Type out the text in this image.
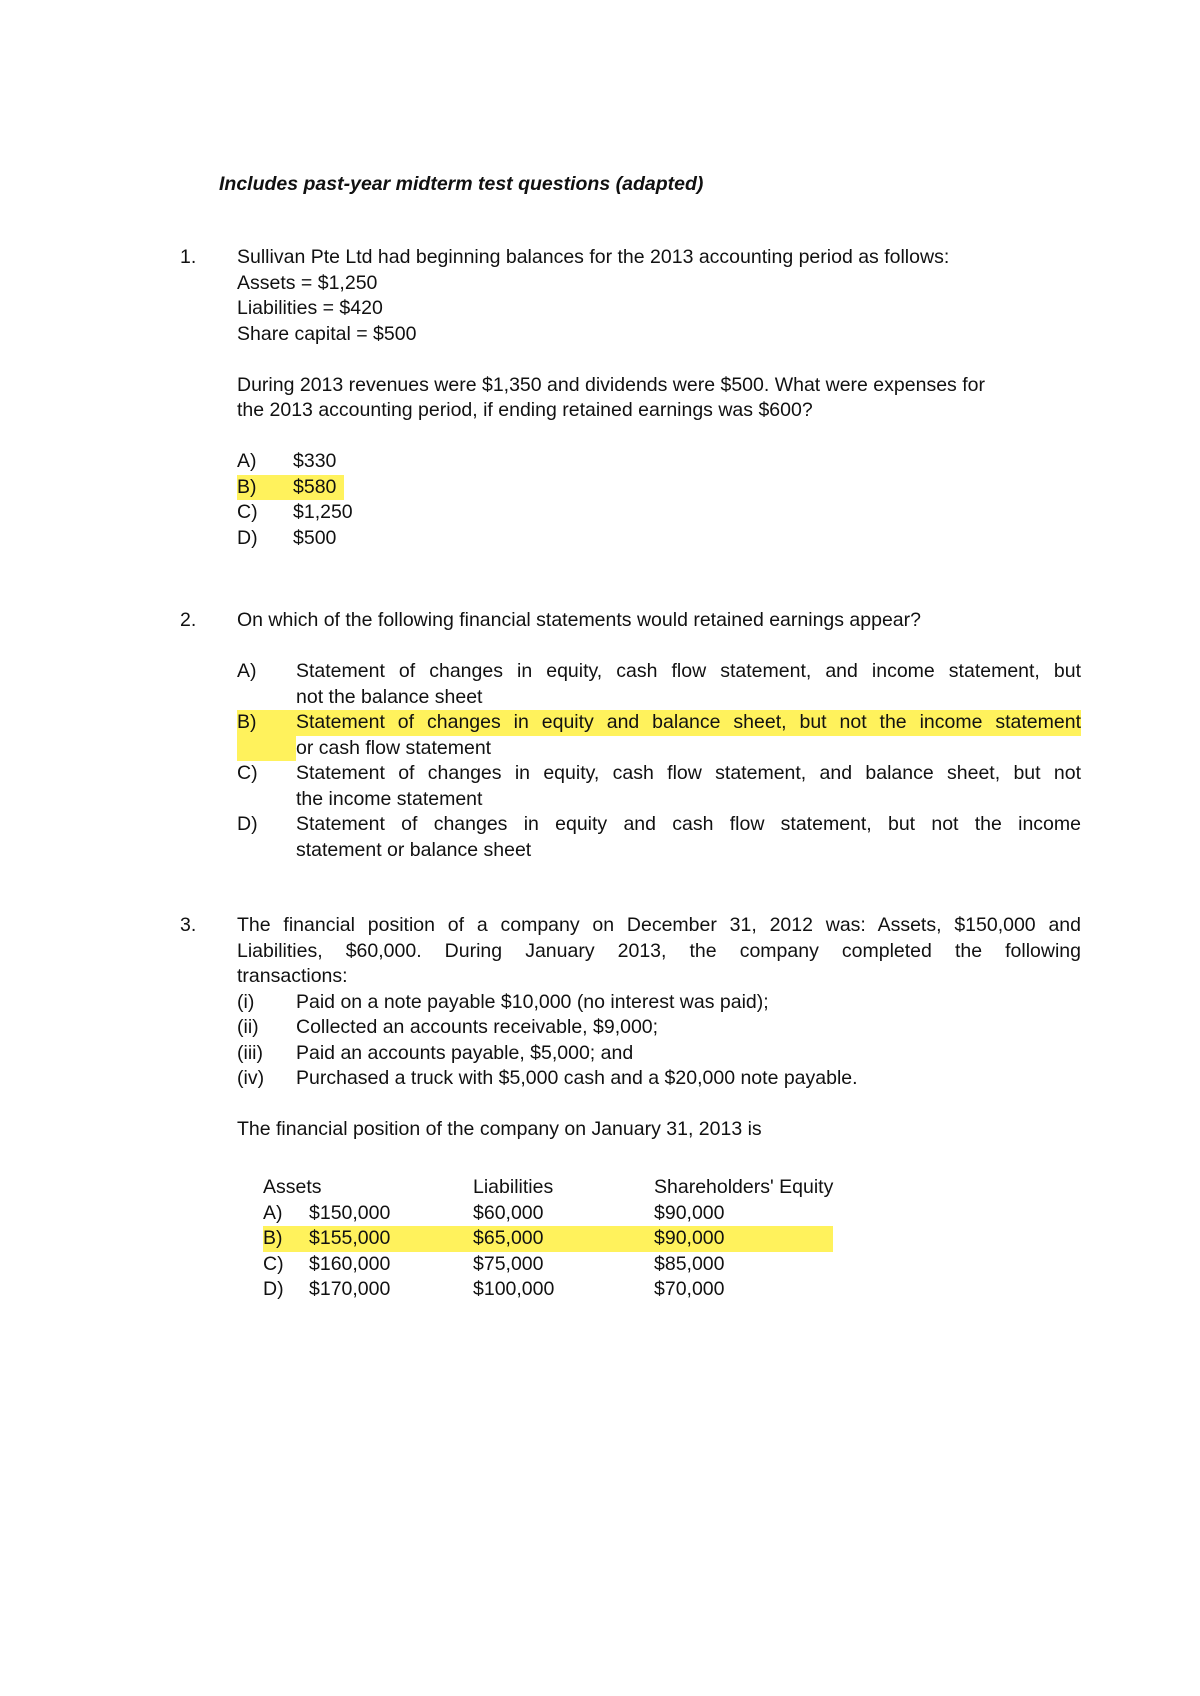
Includes past-year midterm test questions (adapted)
1. Sullivan Pte Ltd had beginning balances for the 2013 accounting period as follows:
Assets = $1,250
Liabilities = $420
Share capital = $500
During 2013 revenues were $1,350 and dividends were $500. What were expenses for
the 2013 accounting period, if ending retained earnings was $600?
A) $330
B) $580
C) $1,250
D) $500
2. On which of the following financial statements would retained earnings appear?
A)	Statement of changes in equity, cash flow statement, and income statement, but
not the balance sheet
B)	Statement of changes in equity and balance sheet, but not the income statement
or cash flow statement
C)	Statement of changes in equity, cash flow statement, and balance sheet, but not
the income statement
D)	Statement of changes in equity and cash flow statement, but not the income
statement or balance sheet
3. The financial position of a company on December 31, 2012 was: Assets, $150,000 and
Liabilities, $60,000. During January 2013, the company completed the following
transactions:
(i)	Paid on a note payable $10,000 (no interest was paid);
(ii)	Collected an accounts receivable, $9,000;
(iii)	Paid an accounts payable, $5,000; and
(iv)	Purchased a truck with $5,000 cash and a $20,000 note payable.
The financial position of the company on January 31, 2013 is
Assets	Liabilities	Shareholders' Equity
A) $150,000	$60,000	$90,000
B) $155,000	$65,000	$90,000
C) $160,000	$75,000	$85,000
D) $170,000	$100,000	$70,000
